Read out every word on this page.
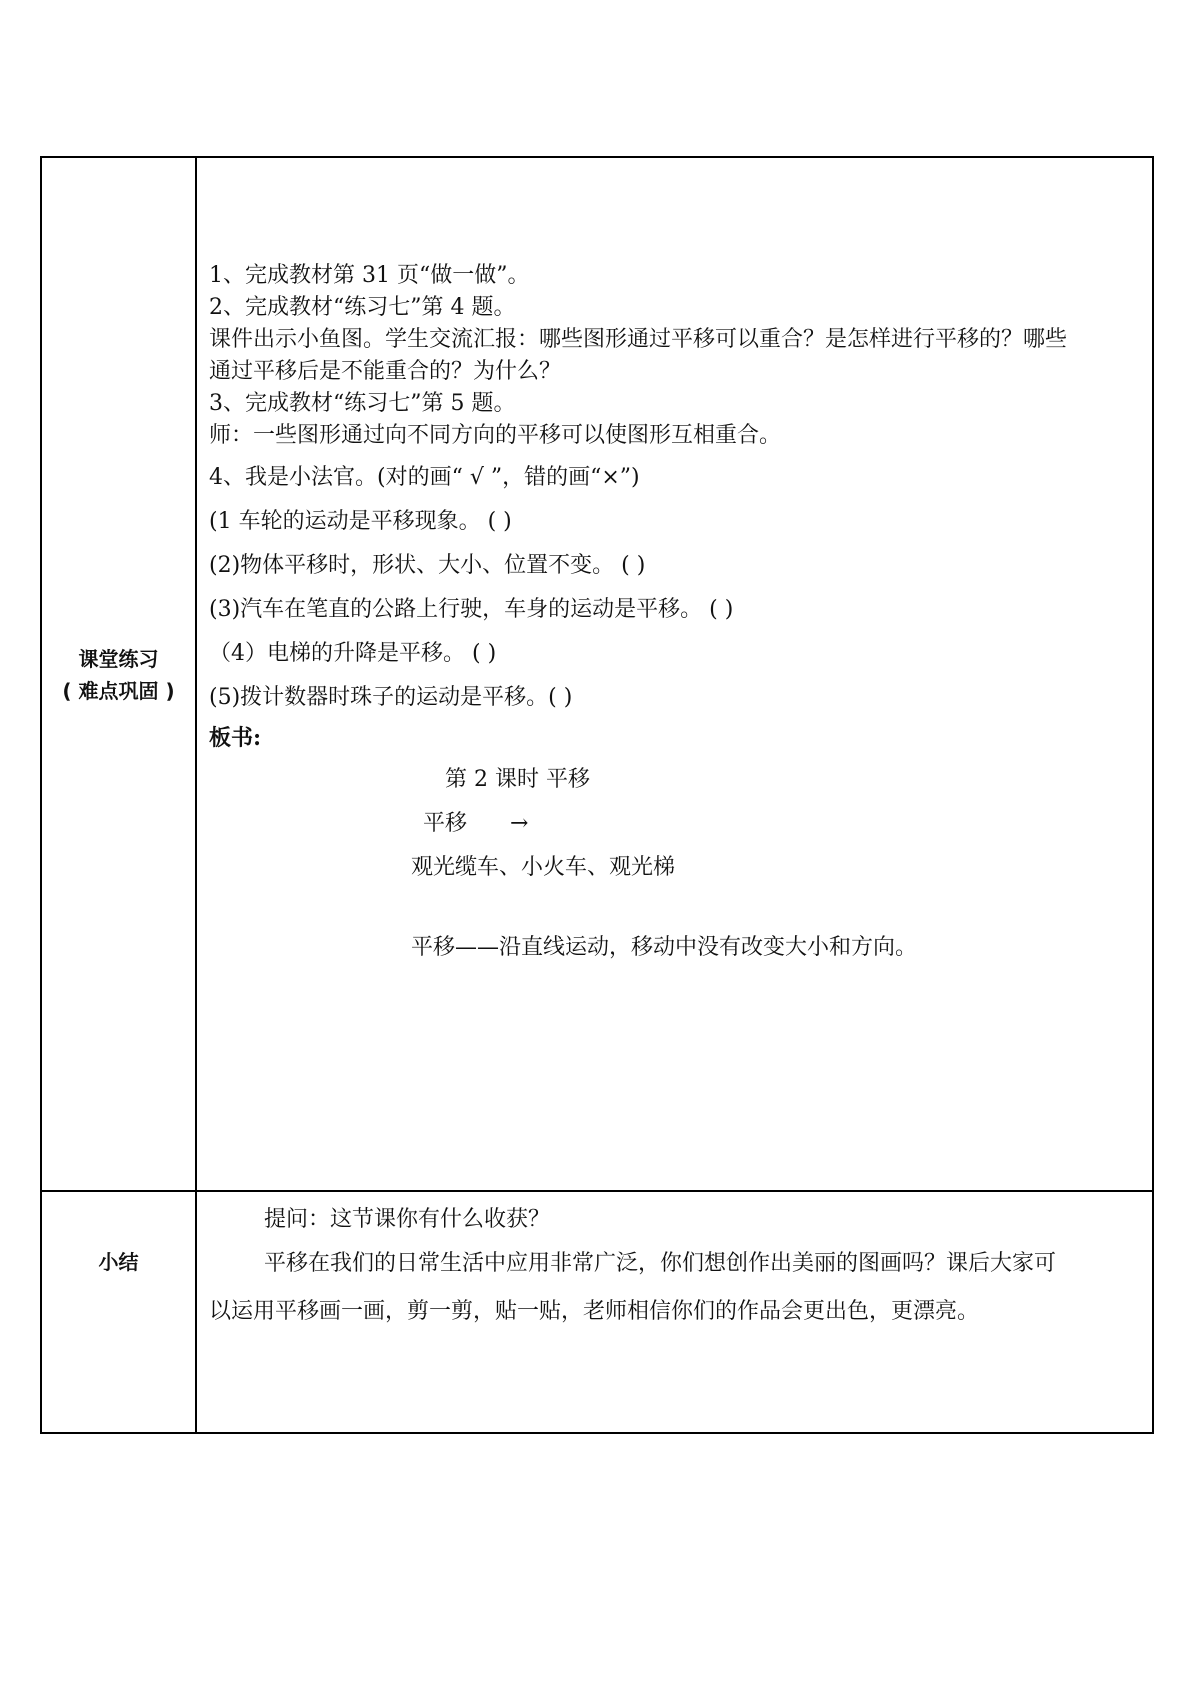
课堂练习
( 难点巩固 )
1、完成教材第 31 页“做一做”。
2、完成教材“练习七”第 4 题。
课件出示小鱼图。学生交流汇报：哪些图形通过平移可以重合？是怎样进行平移的？哪些
通过平移后是不能重合的？为什么？
3、完成教材“练习七”第 5 题。
师：一些图形通过向不同方向的平移可以使图形互相重合。
4、我是小法官。(对的画“ √ ”，错的画“×”)
(1 车轮的运动是平移现象。 ( )
(2)物体平移时，形状、大小、位置不变。 ( )
(3)汽车在笔直的公路上行驶，车身的运动是平移。 ( )
（4）电梯的升降是平移。 ( )
(5)拨计数器时珠子的运动是平移。( )
板书:
第 2 课时 平移
平移 →
观光缆车、小火车、观光梯
平移——沿直线运动，移动中没有改变大小和方向。
小结
提问：这节课你有什么收获？
平移在我们的日常生活中应用非常广泛，你们想创作出美丽的图画吗？课后大家可
以运用平移画一画，剪一剪，贴一贴，老师相信你们的作品会更出色，更漂亮。
